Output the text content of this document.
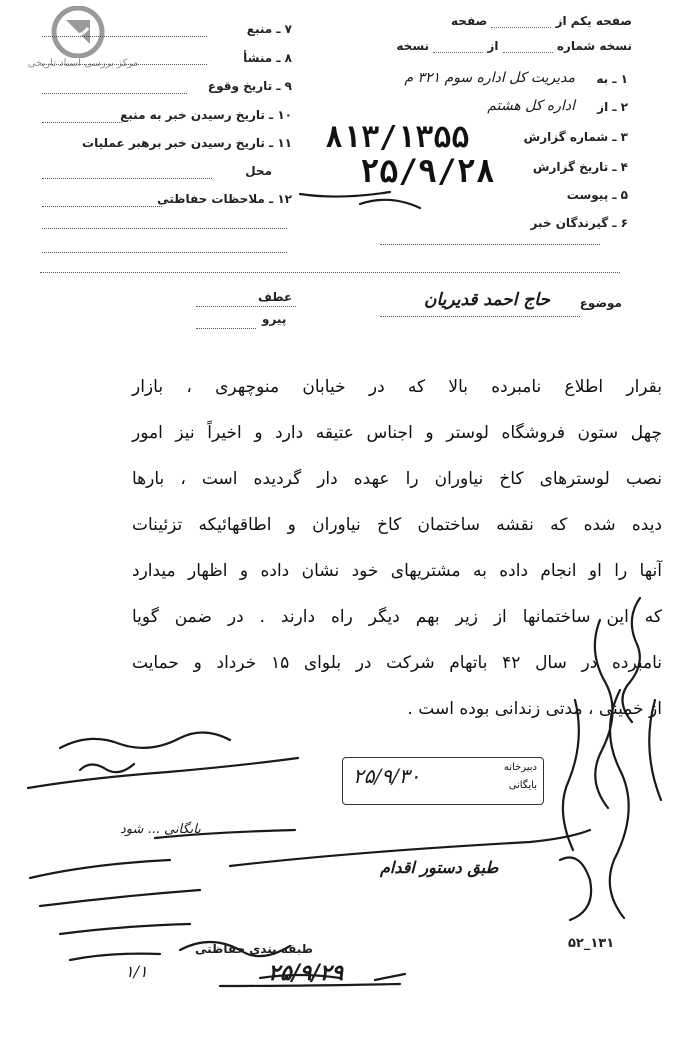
مرکز بررسی اسناد تاریخی
صفحه یکم از  صفحه
نسخه شماره  از  نسخه
۱ ـ به
مدیریت کل اداره سوم ۳۲۱ م
۲ ـ از
اداره کل هشتم
۳ ـ شماره گزارش
۸۱۳/۱۳۵۵
۴ ـ تاریخ گزارش
۲۵/۹/۲۸
۵ ـ پیوست
۶ ـ گیرندگان خبر
۷ ـ منبع
۸ ـ منشأ
۹ ـ تاریخ وقوع
۱۰ ـ تاریخ رسیدن خبر به منبع
۱۱ ـ تاریخ رسیدن خبر برهبر عملیات
محل
۱۲ ـ ملاحظات حفاظتی
موضوع
حاج احمد قدیریان
عطف
پیرو
بقرار اطلاع نامبرده بالا که در خیابان منوچهری ، بازار
چهل ستون فروشگاه لوستر و اجناس عتیقه دارد و اخیراً نیز امور
نصب لوسترهای کاخ نیاوران را عهده دار گردیده است ، بارها
دیده شده که نقشه ساختمان کاخ نیاوران و اطاقهائیکه تزئینات
آنها را او انجام داده به مشتریهای خود نشان داده و اظهار میدارد
که این ساختمانها از زیر بهم دیگر راه دارند . در ضمن گویا
نامبرده در سال ۴۲ باتهام شرکت در بلوای ۱۵ خرداد و حمایت
از خمینی ، مدتی زندانی بوده است .
دبیرخانه
بایگانی
۲۵/۹/۳۰
طبق دستور اقدام
بایگانی ... شود
طبقه بندی حفاظتی
۲۵/۹/۲۹
۱/۱
۵۲_۱۳۱
